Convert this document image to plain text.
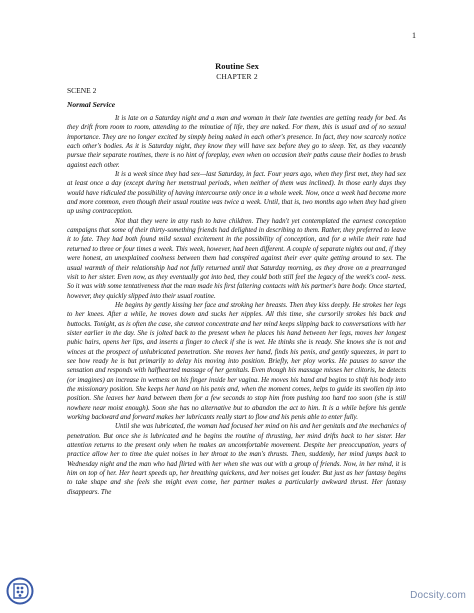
1
Routine Sex
CHAPTER 2
SCENE 2
Normal Service

It is late on a Saturday night and a man and woman in their late twenties are getting ready for bed. As they drift from room to room, attending to the minutiae of life, they are naked. For them, this is usual and of no sexual importance. They are no longer excited by simply being naked in each other's presence. In fact, they now scarcely notice each other's bodies. As it is Saturday night, they know they will have sex before they go to sleep. Yet, as they vacantly pursue their separate routines, there is no hint of foreplay, even when on occasion their paths cause their bodies to brush against each other.

It is a week since they had sex—last Saturday, in fact. Four years ago, when they first met, they had sex at least once a day (except during her menstrual periods, when neither of them was inclined). In those early days they would have ridiculed the possibility of having intercourse only once in a whole week. Now, once a week had become more and more common, even though their usual routine was twice a week. Until, that is, two months ago when they had given up using contraception.

Not that they were in any rush to have children. They hadn't yet contemplated the earnest conception campaigns that some of their thirty-something friends had delighted in describing to them. Rather, they preferred to leave it to fate. They had both found mild sexual excitement in the possibility of conception, and for a while their rate had returned to three or four times a week. This week, however, had been different. A couple of separate nights out and, if they were honest, an unexplained coolness between them had conspired against their ever quite getting around to sex. The usual warmth of their relationship had not fully returned until that Saturday morning, as they drove on a prearranged visit to her sister. Even now, as they eventually got into bed, they could both still feel the legacy of the week's cool- ness. So it was with some tentativeness that the man made his first faltering contacts with his partner's bare body. Once started, however, they quickly slipped into their usual routine.

He begins by gently kissing her face and stroking her breasts. Then they kiss deeply. He strokes her legs to her knees. After a while, he moves down and sucks her nipples. All this time, she cursorily strokes his back and buttocks. Tonight, as is often the case, she cannot concentrate and her mind keeps slipping back to conversations with her sister earlier in the day. She is jolted back to the present when he places his hand between her legs, moves her longest pubic hairs, opens her lips, and inserts a finger to check if she is wet. He thinks she is ready. She knows she is not and winces at the prospect of unlubricated penetration. She moves her hand, finds his penis, and gently squeezes, in part to see how ready he is but primarily to delay his moving into position. Briefly, her ploy works. He pauses to savor the sensation and responds with halfhearted massage of her genitals. Even though his massage misses her clitoris, he detects (or imagines) an increase in wetness on his finger inside her vagina. He moves his hand and begins to shift his body into the missionary position. She keeps her hand on his penis and, when the moment comes, helps to guide its swollen tip into position. She leaves her hand between them for a few seconds to stop him from pushing too hard too soon (she is still nowhere near moist enough). Soon she has no alternative but to abandon the act to him. It is a while before his gentle working backward and forward makes her lubricants really start to flow and his penis able to enter fully.

Until she was lubricated, the woman had focused her mind on his and her genitals and the mechanics of penetration. But once she is lubricated and he begins the routine of thrusting, her mind drifts back to her sister. Her attention returns to the present only when he makes an uncomfortable movement. Despite her preoccupation, years of practice allow her to time the quiet noises in her throat to the man's thrusts. Then, suddenly, her mind jumps back to Wednesday night and the man who had flirted with her when she was out with a group of friends. Now, in her mind, it is him on top of her. Her heart speeds up, her breathing quickens, and her noises get louder. But just as her fantasy begins to take shape and she feels she might even come, her partner makes a particularly awkward thrust. Her fantasy disappears. The

Docsity.com
